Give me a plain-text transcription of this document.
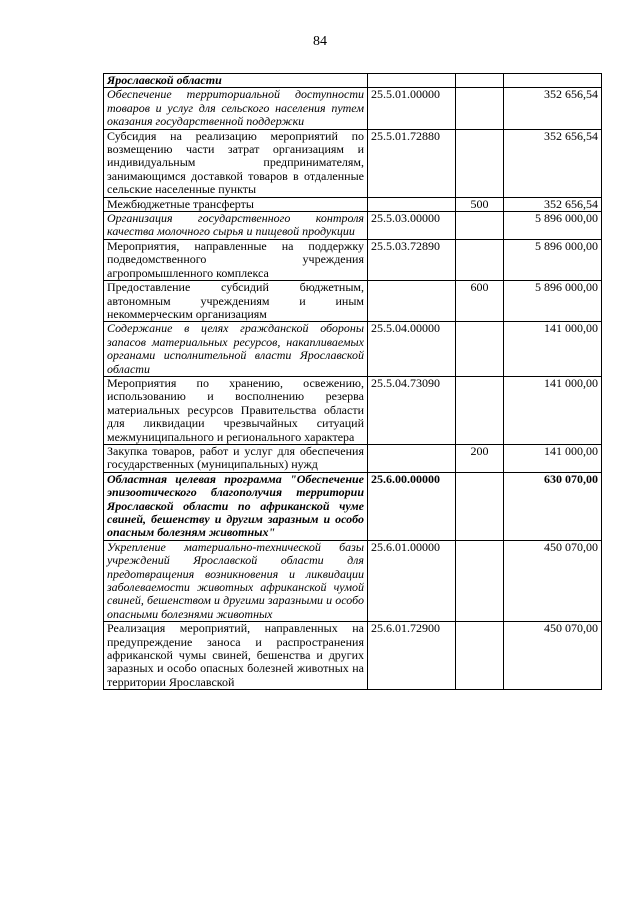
84
Ярославской области			
Обеспечение территориальной доступности товаров и услуг для сельского населения путем оказания государственной поддержки	25.5.01.00000		352 656,54
Субсидия на реализацию мероприятий по возмещению части затрат организациям и индивидуальным предпринимателям, занимающимся доставкой товаров в отдаленные сельские населенные пункты	25.5.01.72880		352 656,54
Межбюджетные трансферты		500	352 656,54
Организация государственного контроля качества молочного сырья и пищевой продукции	25.5.03.00000		5 896 000,00
Мероприятия, направленные на поддержку подведомственного учреждения агропромышленного комплекса	25.5.03.72890		5 896 000,00
Предоставление субсидий бюджетным, автономным учреждениям и иным некоммерческим организациям		600	5 896 000,00
Содержание в целях гражданской обороны запасов материальных ресурсов, накапливаемых органами исполнительной власти Ярославской области	25.5.04.00000		141 000,00
Мероприятия по хранению, освежению, использованию и восполнению резерва материальных ресурсов Правительства области для ликвидации чрезвычайных ситуаций межмуниципального и регионального характера	25.5.04.73090		141 000,00
Закупка товаров, работ и услуг для обеспечения государственных (муниципальных) нужд		200	141 000,00
Областная целевая программа "Обеспечение эпизоотического благополучия территории Ярославской области по африканской чуме свиней, бешенству и другим заразным и особо опасным болезням животных"	25.6.00.00000		630 070,00
Укрепление материально-технической базы учреждений Ярославской области для предотвращения возникновения и ликвидации заболеваемости животных африканской чумой свиней, бешенством и другими заразными и особо опасными болезнями животных	25.6.01.00000		450 070,00
Реализация мероприятий, направленных на предупреждение заноса и распространения африканской чумы свиней, бешенства и других заразных и особо опасных болезней животных на территории Ярославской	25.6.01.72900		450 070,00
